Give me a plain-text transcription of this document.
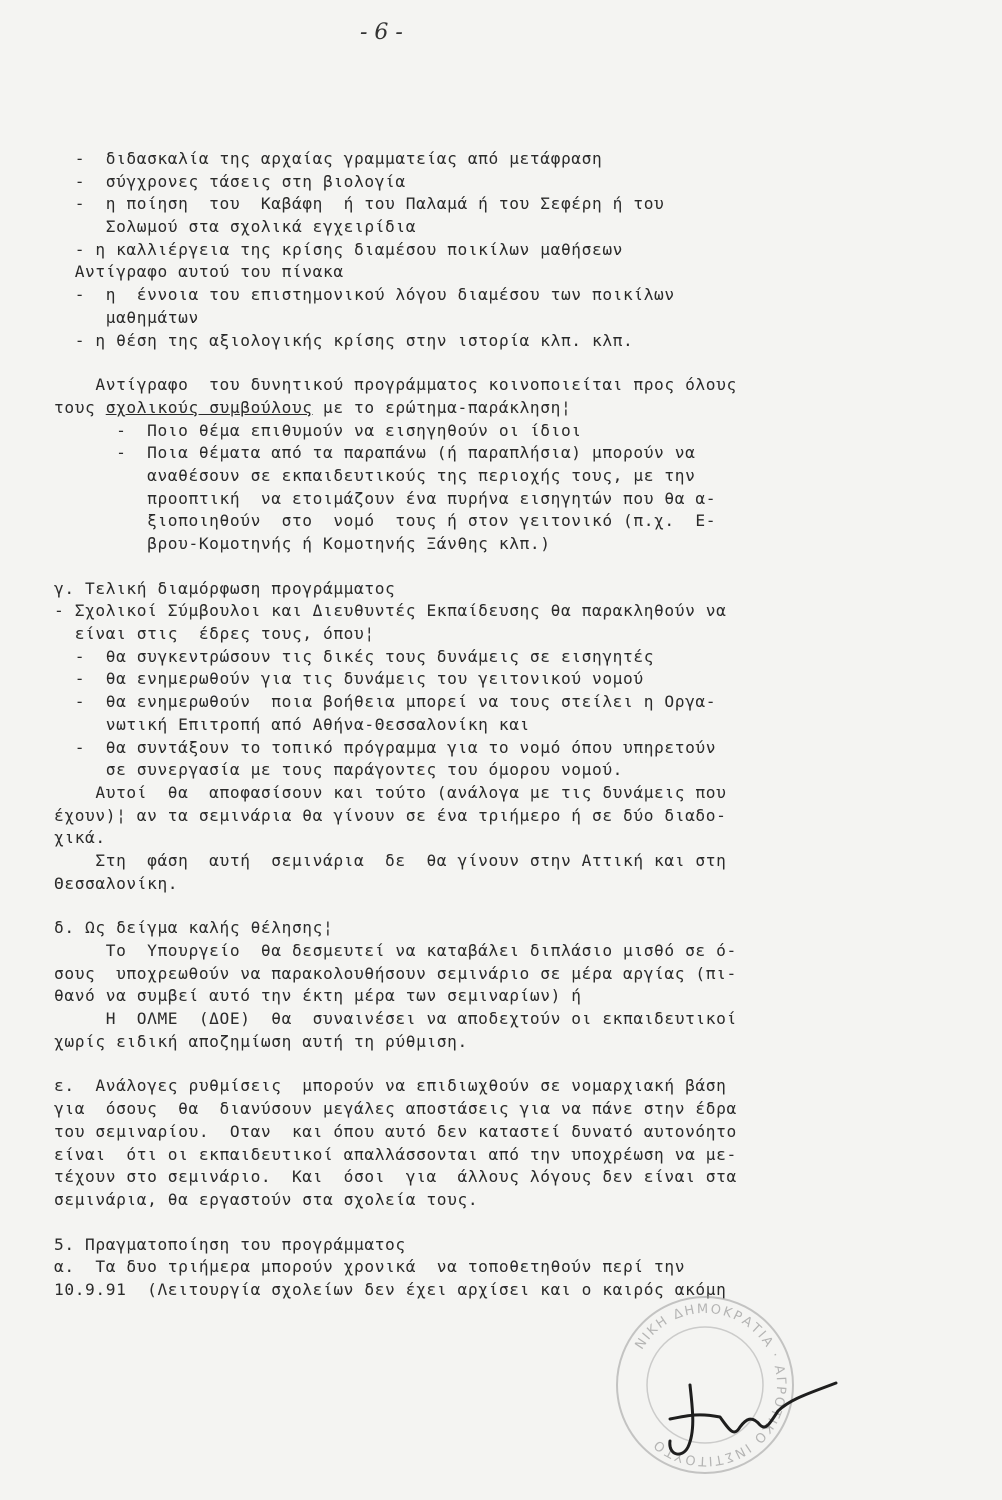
- 6 -
-  διδασκαλία της αρχαίας γραμματείας από μετάφραση
-  σύγχρονες τάσεις στη βιολογία
-  η ποίηση  του  Καβάφη  ή του Παλαμά ή του Σεφέρη ή του
Σολωμού στα σχολικά εγχειρίδια
- η καλλιέργεια της κρίσης διαμέσου ποικίλων μαθήσεων
Αντίγραφο αυτού του πίνακα
-  η  έννοια του επιστημονικού λόγου διαμέσου των ποικίλων
μαθημάτων
- η θέση της αξιολογικής κρίσης στην ιστορία κλπ. κλπ.
Αντίγραφο  του δυνητικού προγράμματος κοινοποιείται προς όλους
τους σχολικούς συμβούλους με το ερώτημα-παράκληση¦
-  Ποιο θέμα επιθυμούν να εισηγηθούν οι ίδιοι
-  Ποια θέματα από τα παραπάνω (ή παραπλήσια) μπορούν να
αναθέσουν σε εκπαιδευτικούς της περιοχής τους, με την
προοπτική  να ετοιμάζουν ένα πυρήνα εισηγητών που θα α-
ξιοποιηθούν  στο  νομό  τους ή στον γειτονικό (π.χ.  Ε-
βρου-Κομοτηνής ή Κομοτηνής Ξάνθης κλπ.)
γ. Τελική διαμόρφωση προγράμματος
- Σχολικοί Σύμβουλοι και Διευθυντές Εκπαίδευσης θα παρακληθούν να
είναι στις  έδρες τους, όπου¦
-  θα συγκεντρώσουν τις δικές τους δυνάμεις σε εισηγητές
-  θα ενημερωθούν για τις δυνάμεις του γειτονικού νομού
-  θα ενημερωθούν  ποια βοήθεια μπορεί να τους στείλει η Οργα-
νωτική Επιτροπή από Αθήνα-Θεσσαλονίκη και
-  θα συντάξουν το τοπικό πρόγραμμα για το νομό όπου υπηρετούν
σε συνεργασία με τους παράγοντες του όμορου νομού.
Αυτοί  θα  αποφασίσουν και τούτο (ανάλογα με τις δυνάμεις που
έχουν)¦ αν τα σεμινάρια θα γίνουν σε ένα τριήμερο ή σε δύο διαδο-
χικά.
Στη  φάση  αυτή  σεμινάρια  δε  θα γίνουν στην Αττική και στη
Θεσσαλονίκη.
δ. Ως δείγμα καλής θέλησης¦
Το  Υπουργείο  θα δεσμευτεί να καταβάλει διπλάσιο μισθό σε ό-
σους  υποχρεωθούν να παρακολουθήσουν σεμινάριο σε μέρα αργίας (πι-
θανό να συμβεί αυτό την έκτη μέρα των σεμιναρίων) ή
Η  ΟΛΜΕ  (ΔΟΕ)  θα  συναινέσει να αποδεχτούν οι εκπαιδευτικοί
χωρίς ειδική αποζημίωση αυτή τη ρύθμιση.
ε.  Ανάλογες ρυθμίσεις  μπορούν να επιδιωχθούν σε νομαρχιακή βάση
για  όσους  θα  διανύσουν μεγάλες αποστάσεις για να πάνε στην έδρα
του σεμιναρίου.  Οταν  και όπου αυτό δεν καταστεί δυνατό αυτονόητο
είναι  ότι οι εκπαιδευτικοί απαλλάσσονται από την υποχρέωση να με-
τέχουν στο σεμινάριο.  Και  όσοι  για  άλλους λόγους δεν είναι στα
σεμινάρια, θα εργαστούν στα σχολεία τους.
5. Πραγματοποίηση του προγράμματος
α.  Τα δυο τριήμερα μπορούν χρονικά  να τοποθετηθούν περί την
10.9.91  (Λειτουργία σχολείων δεν έχει αρχίσει και ο καιρός ακόμη
ΝΙΚΗ ΔΗΜΟΚΡΑΤΙΑ · ΑΓΡΟΤΙΚΟ ΙΝΣΤΙΤΟΥΤΟ
